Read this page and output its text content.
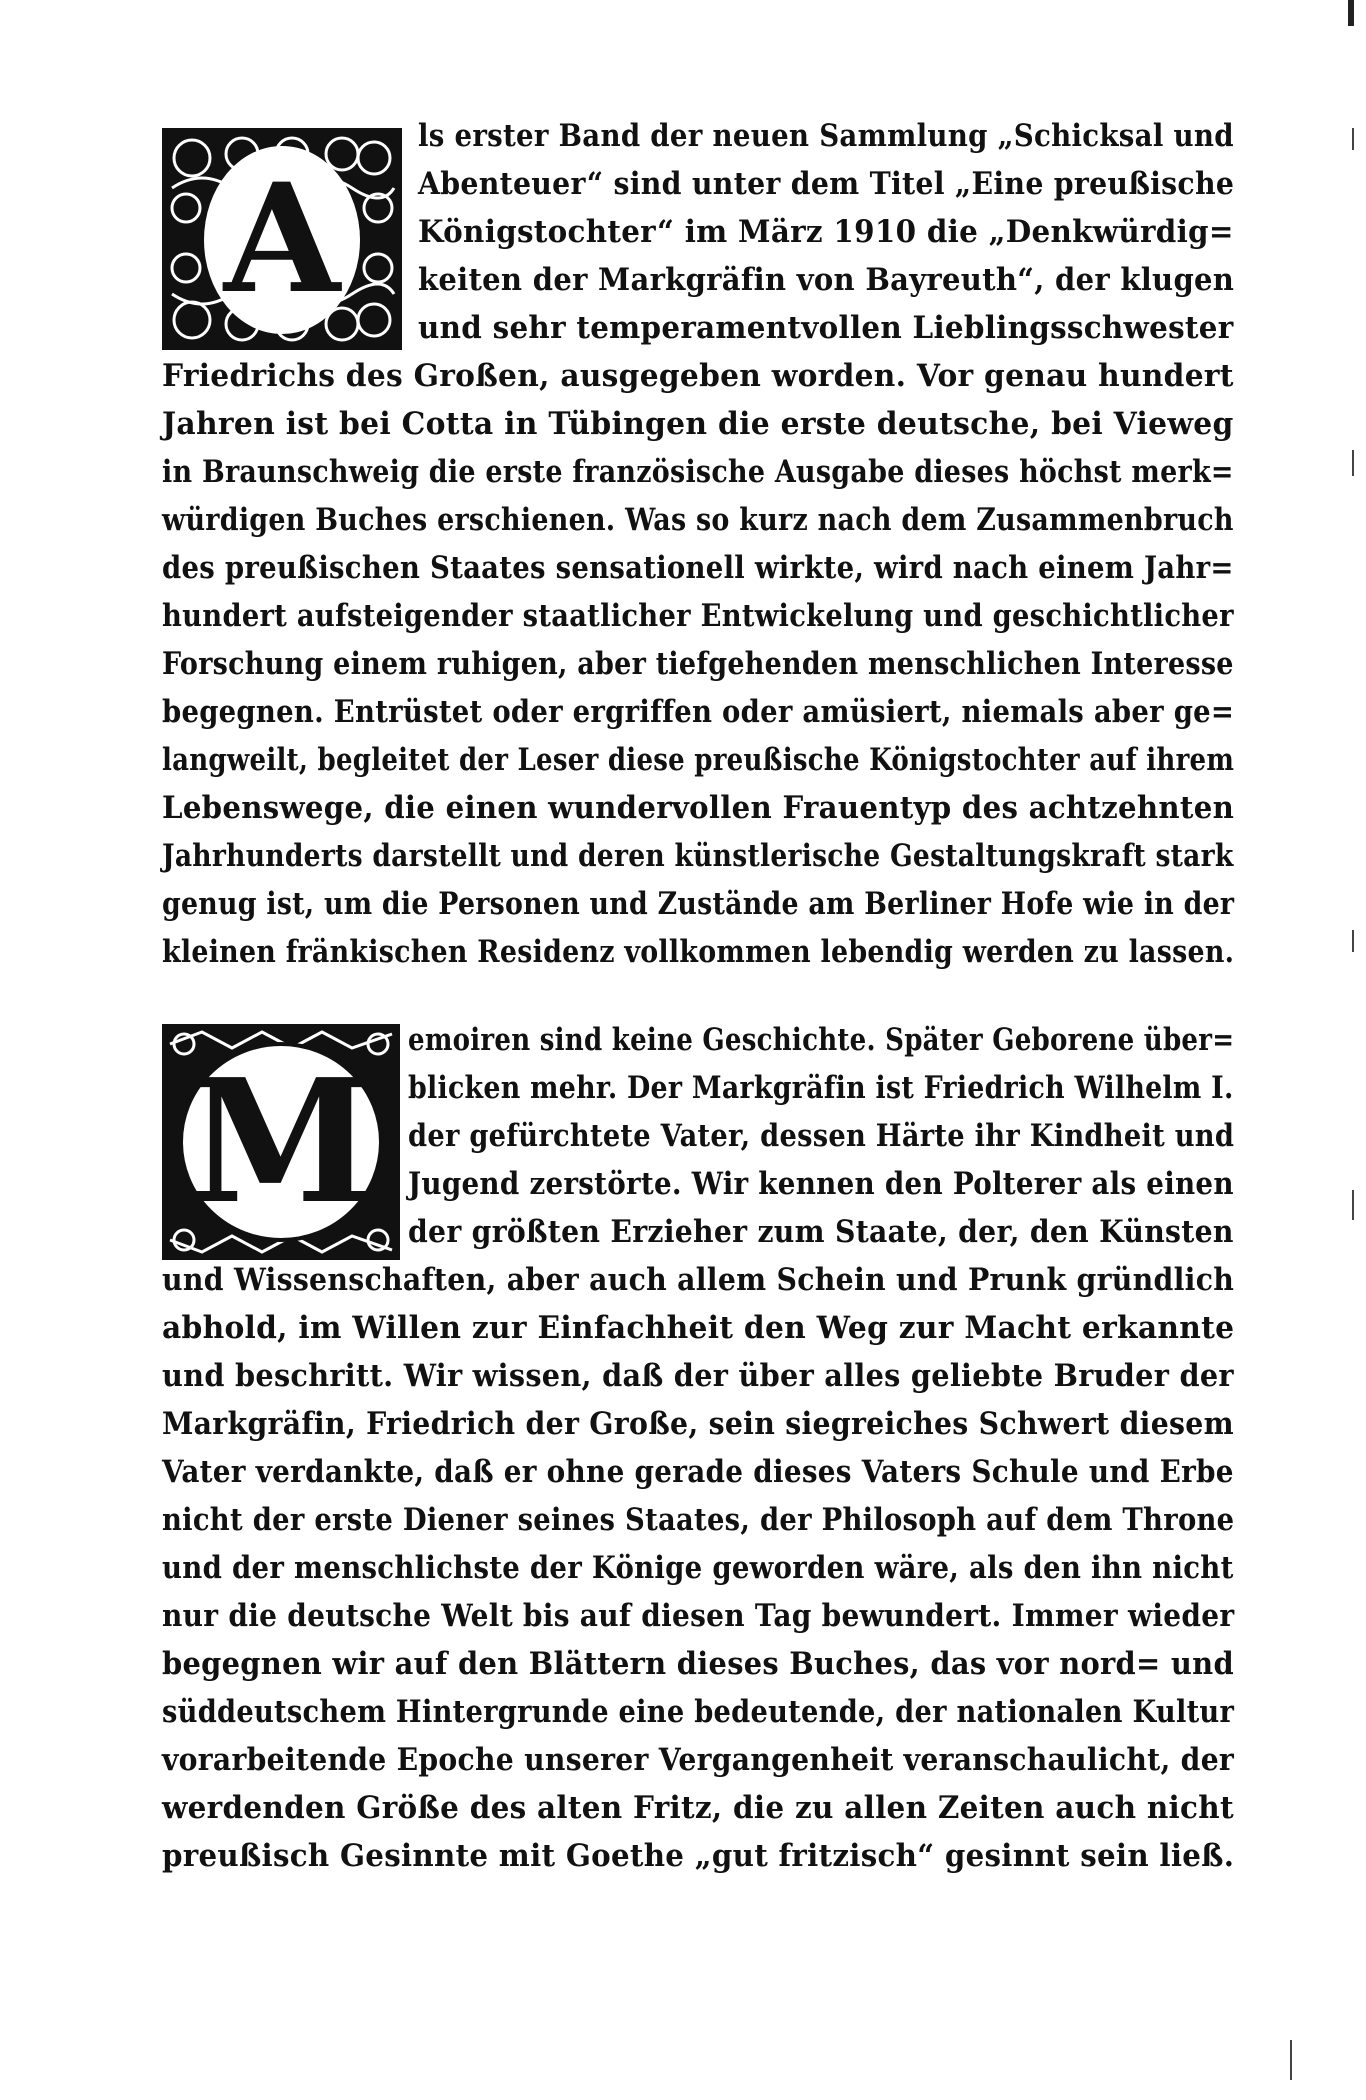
A
M
ls erster Band der neuen Sammlung „Schicksal und
Abenteuer“ sind unter dem Titel „Eine preußische
Königstochter“ im März 1910 die „Denkwürdig=
keiten der Markgräfin von Bayreuth“, der klugen
und sehr temperamentvollen Lieblingsschwester
Friedrichs des Großen, ausgegeben worden. Vor genau hundert
Jahren ist bei Cotta in Tübingen die erste deutsche, bei Vieweg
in Braunschweig die erste französische Ausgabe dieses höchst merk=
würdigen Buches erschienen. Was so kurz nach dem Zusammenbruch
des preußischen Staates sensationell wirkte, wird nach einem Jahr=
hundert aufsteigender staatlicher Entwickelung und geschichtlicher
Forschung einem ruhigen, aber tiefgehenden menschlichen Interesse
begegnen. Entrüstet oder ergriffen oder amüsiert, niemals aber ge=
langweilt, begleitet der Leser diese preußische Königstochter auf ihrem
Lebenswege, die einen wundervollen Frauentyp des achtzehnten
Jahrhunderts darstellt und deren künstlerische Gestaltungskraft stark
genug ist, um die Personen und Zustände am Berliner Hofe wie in der
kleinen fränkischen Residenz vollkommen lebendig werden zu lassen.
emoiren sind keine Geschichte. Später Geborene über=
blicken mehr. Der Markgräfin ist Friedrich Wilhelm I.
der gefürchtete Vater, dessen Härte ihr Kindheit und
Jugend zerstörte. Wir kennen den Polterer als einen
der größten Erzieher zum Staate, der, den Künsten
und Wissenschaften, aber auch allem Schein und Prunk gründlich
abhold, im Willen zur Einfachheit den Weg zur Macht erkannte
und beschritt. Wir wissen, daß der über alles geliebte Bruder der
Markgräfin, Friedrich der Große, sein siegreiches Schwert diesem
Vater verdankte, daß er ohne gerade dieses Vaters Schule und Erbe
nicht der erste Diener seines Staates, der Philosoph auf dem Throne
und der menschlichste der Könige geworden wäre, als den ihn nicht
nur die deutsche Welt bis auf diesen Tag bewundert. Immer wieder
begegnen wir auf den Blättern dieses Buches, das vor nord= und
süddeutschem Hintergrunde eine bedeutende, der nationalen Kultur
vorarbeitende Epoche unserer Vergangenheit veranschaulicht, der
werdenden Größe des alten Fritz, die zu allen Zeiten auch nicht
preußisch Gesinnte mit Goethe „gut fritzisch“ gesinnt sein ließ.
